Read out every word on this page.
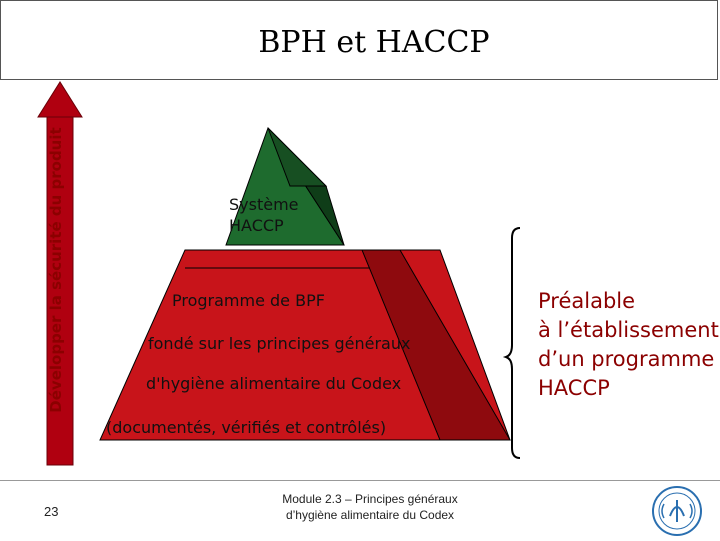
BPH et HACCP
Développer la sécurité du produit	Système
HACCP
Programme de BPF
fondé sur les principes généraux
d'hygiène alimentaire du Codex
(documentés, vérifiés et contrôlés)
Préalable
à l’établissement
d’un programme
HACCP
23
Module 2.3 – Principes généraux
d’hygiène alimentaire du Codex
